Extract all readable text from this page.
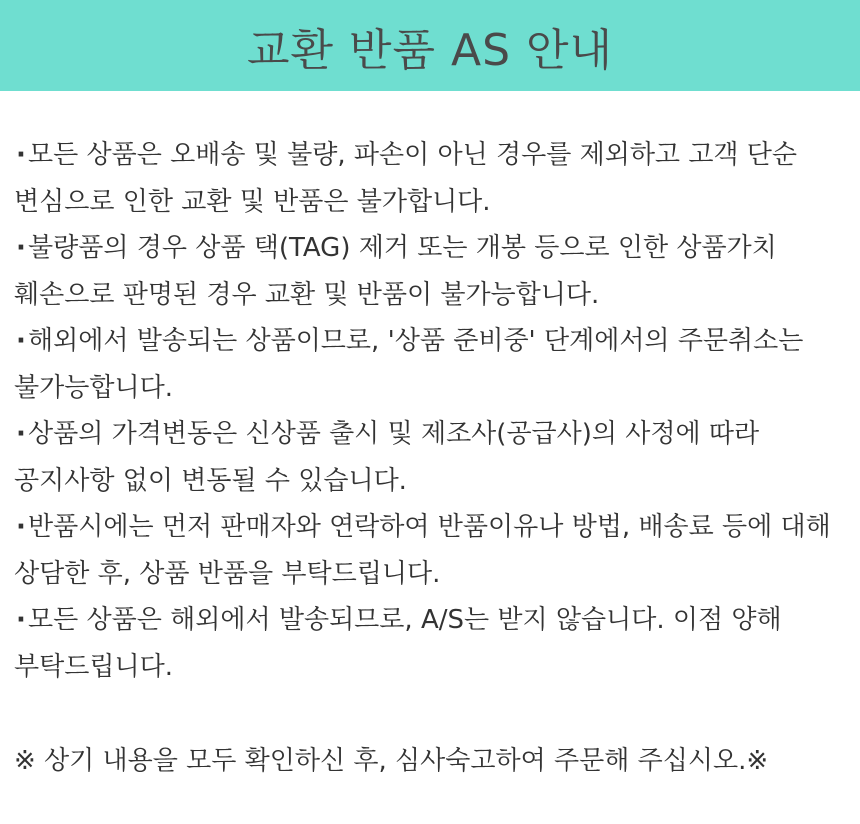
교환 반품 AS 안내
· 모든 상품은 오배송 및 불량, 파손이 아닌 경우를 제외하고 고객 단순 변심으로 인한 교환 및 반품은 불가합니다.
· 불량품의 경우 상품 택(TAG) 제거 또는 개봉 등으로 인한 상품가치 훼손으로 판명된 경우 교환 및 반품이 불가능합니다.
· 해외에서 발송되는 상품이므로, '상품 준비중' 단계에서의 주문취소는 불가능합니다.
· 상품의 가격변동은 신상품 출시 및 제조사(공급사)의 사정에 따라 공지사항 없이 변동될 수 있습니다.
· 반품시에는 먼저 판매자와 연락하여 반품이유나 방법, 배송료 등에 대해 상담한 후, 상품 반품을 부탁드립니다.
· 모든 상품은 해외에서 발송되므로, A/S는 받지 않습니다. 이점 양해 부탁드립니다.

※ 상기 내용을 모두 확인하신 후, 심사숙고하여 주문해 주십시오.※
